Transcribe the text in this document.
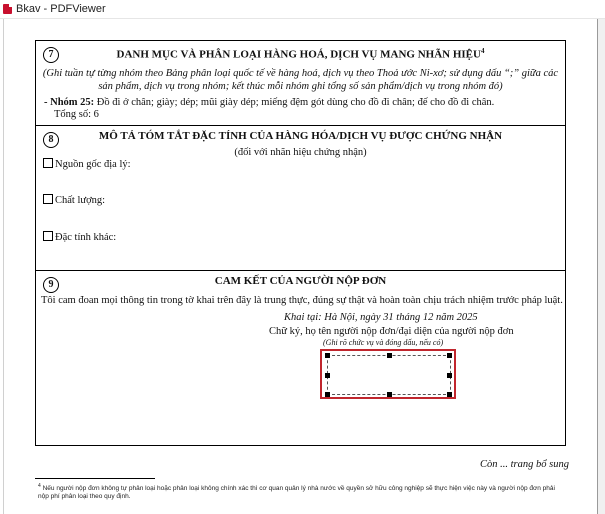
Bkav - PDFViewer
7	DANH MỤC VÀ PHÂN LOẠI HÀNG HOÁ, DỊCH VỤ MANG NHÃN HIỆU$^4$
(Ghi tuần tự từng nhóm theo Bảng phân loại quốc tế về hàng hoá, dịch vụ theo Thoả ước Ni-xơ; sử dụng dấu “;” giữa các
sản phẩm, dịch vụ trong nhóm; kết thúc mỗi nhóm ghi tổng số sản phẩm/dịch vụ trong nhóm đó)
- Nhóm 25: Đồ đi ở chân; giày; dép; mũi giày dép; miếng đệm gót dùng cho đồ đi chân; đế cho đồ đi chân.
Tổng số: 6
8	MÔ TẢ TÓM TẮT ĐẶC TÍNH CỦA HÀNG HÓA/DỊCH VỤ ĐƯỢC CHỨNG NHẬN
(đối với nhãn hiệu chứng nhận)
Nguồn gốc địa lý:
Chất lượng:
Đặc tính khác:
9	CAM KẾT CỦA NGƯỜI NỘP ĐƠN
Tôi cam đoan mọi thông tin trong tờ khai trên đây là trung thực, đúng sự thật và hoàn toàn chịu trách nhiệm trước pháp luật.
Khai tại: Hà Nội, ngày 31 tháng 12 năm 2025
Chữ ký, họ tên người nộp đơn/đại diện của người nộp đơn
(Ghi rõ chức vụ và đóng dấu, nếu có)
Còn ... trang bổ sung
$^4$ Nếu người nộp đơn không tự phân loại hoặc phân loại không chính xác thì cơ quan quản lý nhà nước về quyền sở hữu công nghiệp sẽ thực hiện việc này và người nộp đơn phải
nộp phí phân loại theo quy định.
